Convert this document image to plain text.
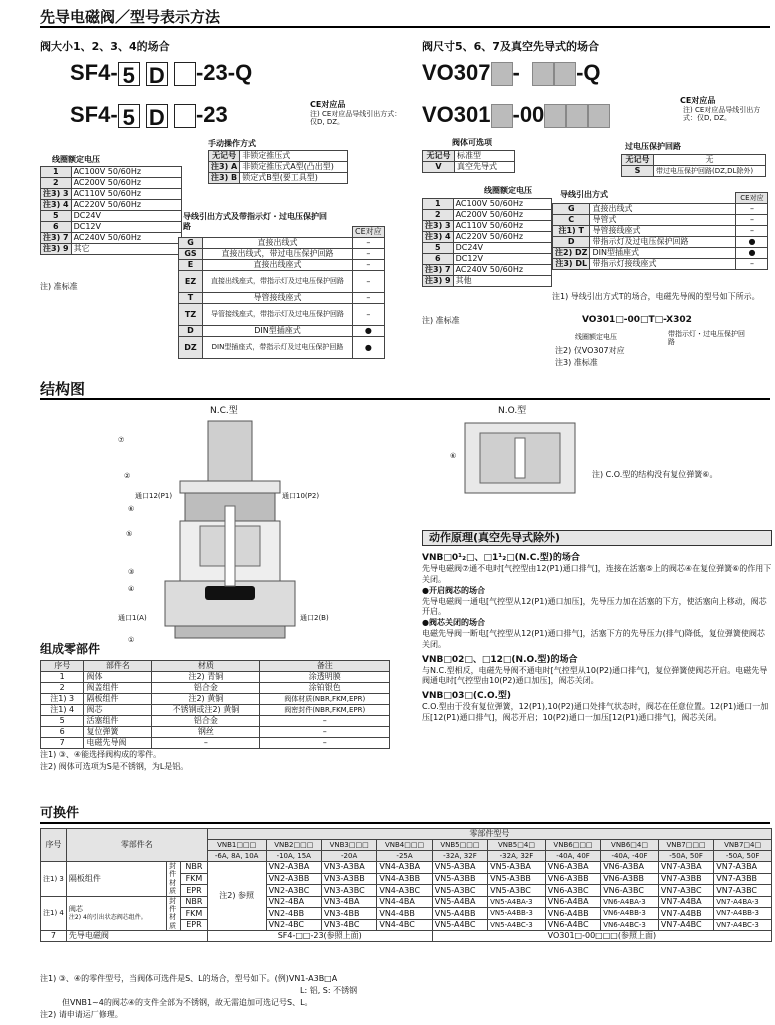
先导电磁阀／型号表示方法
阀大小1、2、3、4的场合
SF4- 5 D -23-Q
SF4- 5 D -23	CE对应品
注) CE对应品导线引出方式：仅D, DZ。
手动操作方式
无记号	非锁定推压式
注3) A	非锁定推压式A型(凸出型)
注3) B	锁定式B型(要工具型)
线圈额定电压
1	AC100V 50/60Hz
2	AC200V 50/60Hz
注3) 3	AC110V 50/60Hz
注3) 4	AC220V 50/60Hz
5	DC24V
6	DC12V
注3) 7	AC240V 50/60Hz
注3) 9	其它
注) 准标准
导线引出方式及带指示灯・过电压保护回路
		CE对应
G	直接出线式	–
GS	直接出线式，带过电压保护回路	–
E	直接出线座式	–
EZ	直接出线座式，带指示灯及过电压保护回路	–
T	导管接线座式	–
TZ	导管接线座式，带指示灯及过电压保护回路	–
D	DIN型插座式	●
DZ	DIN型插座式，带指示灯及过电压保护回路	●
阀尺寸5、6、7及真空先导式的场合
VO307 -	-Q
VO301 -00
CE对应品
注) CE对应品导线引出方式：仅D, DZ。
阀体可选项
无记号	标准型
V	真空先导式
过电压保护回路
无记号	无
S	带过电压保护回路(DZ,DL除外)
线圈额定电压
1	AC100V 50/60Hz
2	AC200V 50/60Hz
注3) 3	AC110V 50/60Hz
注3) 4	AC220V 50/60Hz
5	DC24V
6	DC12V
注3) 7	AC240V 50/60Hz
注3) 9	其他
注) 准标准
导线引出方式
			CE对应
G	直接出线式	–
C	导管式	–
注1) T	导管接线座式	–
D	带指示灯及过电压保护回路	●
注2) DZ	DIN型插座式	●
注3) DL	带指示灯接线座式	–
注1) 导线引出方式T的场合，电磁先导阀的型号如下所示。
VO301□-00□T□-X302
线圈额定电压	带指示灯・过电压保护回路
注2) 仅VO307对应
注3) 准标准
结构图
N.C.型	N.O.型
⑦
②
⑥
⑤
③
④
①
通口12(P1)	通口10(P2)
通口1(A)	通口2(B)
⑥
注) C.O.型的结构没有复位弹簧⑥。
动作原理(真空先导式除外)
VNB□0¹₂□、□1¹₂□(N.C.型)的场合
先导电磁阀⑦通不电时[气控型由12(P1)通口排气]，连接在活塞⑤上的阀芯④在复位弹簧⑥的作用下关闭。
●开启阀芯的场合
先导电磁阀一通电[气控型从12(P1)通口加压]，先导压力加在活塞的下方，使活塞向上移动，阀芯开启。
●阀芯关闭的场合
电磁先导阀一断电[气控型从12(P1)通口排气]，活塞下方的先导压力(排气)降低，复位弹簧使阀芯关闭。
VNB□02□、□12□(N.O.型)的场合
与N.C.型相反，电磁先导阀不通电时[气控型从10(P2)通口排气]，复位弹簧使阀芯开启。电磁先导阀通电时[气控型由10(P2)通口加压]，阀芯关闭。
VNB□03□(C.O.型)
C.O.型由于没有复位弹簧，12(P1),10(P2)通口处排气状态时，阀芯在任意位置。12(P1)通口一加压[12(P1)通口排气]，阀芯开启；10(P2)通口一加压[12(P1)通口排气]，阀芯关闭。
组成零部件
序号	部件名	材质	备注
1	阀体	注2) 青铜	涂透明膜
2	阀盖组件	铝合金	涂铂银色
注1) 3	隔板组件	注2) 黄铜	阀体材质(NBR,FKM,EPR)
注1) 4	阀芯	不锈钢或注2) 黄铜	阀密封件(NBR,FKM,EPR)
5	活塞组件	铝合金	–
6	复位弹簧	钢丝	–
7	电磁先导阀	–	–
注1) ③、④能选择阀构成的零件。
注2) 阀体可选项为S是不锈钢，为L是铝。
可换件
序号	零部件名			零部件型号									
				VNB1□□□	VNB2□□□	VNB3□□□	VNB4□□□	VNB5□□□	VNB5□4□	VNB6□□□	VNB6□4□	VNB7□□□	VNB7□4□
				-6A, 8A, 10A	-10A, 15A	-20A	-25A	-32A, 32F	-32A, 32F	-40A, 40F	-40A, -40F	-50A, 50F	-50A, 50F
注1) 3	隔板组件	封件材质	NBR	注2) 参照	VN2-A3BA	VN3-A3BA	VN4-A3BA	VN5-A3BA	VN5-A3BA	VN6-A3BA	VN6-A3BA	VN7-A3BA	VN7-A3BA
			FKM		VN2-A3BB	VN3-A3BB	VN4-A3BB	VN5-A3BB	VN5-A3BB	VN6-A3BB	VN6-A3BB	VN7-A3BB	VN7-A3BB
			EPR		VN2-A3BC	VN3-A3BC	VN4-A3BC	VN5-A3BC	VN5-A3BC	VN6-A3BC	VN6-A3BC	VN7-A3BC	VN7-A3BC
注1) 4	阀芯
注2) 4的引出状态阀芯组件。	封件材质	NBR		VN2-4BA	VN3-4BA	VN4-4BA	VN5-A4BA	VN5-A4BA-3	VN6-A4BA	VN6-A4BA-3	VN7-A4BA	VN7-A4BA-3
			FKM		VN2-4BB	VN3-4BB	VN4-4BB	VN5-A4BB	VN5-A4BB-3	VN6-A4BB	VN6-A4BB-3	VN7-A4BB	VN7-A4BB-3
			EPR		VN2-4BC	VN3-4BC	VN4-4BC	VN5-A4BC	VN5-A4BC-3	VN6-A4BC	VN6-A4BC-3	VN7-A4BC	VN7-A4BC-3
7	先导电磁阀			SF4-□□-23(参照上面)				VO301□-00□□□(参照上面)					
注1) ③、④的零件型号，当阀体可选件是S、L的场合，型号如下。(例)VN1-A3B□A
L: 铝, S: 不锈钢
但VNB1~4的阀芯④的支件全部为不锈钢，故无需追加可选记号S、L。
注2) 请申请运厂修理。
